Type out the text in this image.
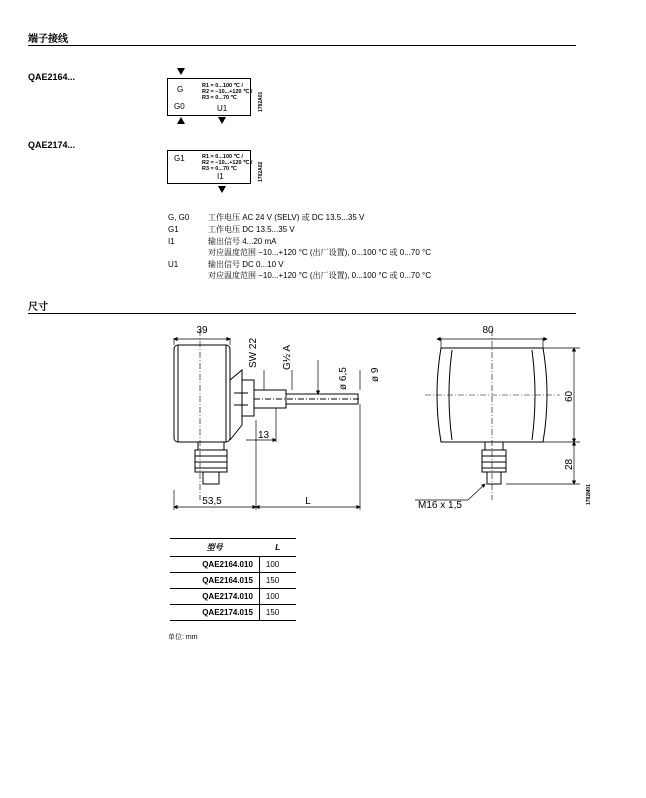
端子接线
QAE2164...
G
G0	U1
R1 = 0...100 ℃ /
R2 = −10...+120 ℃ /
R3 = 0...70 ℃	1782A01
QAE2174...
G1
I1
R1 = 0...100 ℃ /
R2 = −10...+120 ℃ /
R3 = 0...70 ℃	1782A02
G, G0 工作电压 AC 24 V (SELV) 或 DC 13.5...35 V
G1	工作电压 DC 13.5...35 V
I1	输出信号 4...20 mA
对应温度范围 −10...+120 °C (出厂设置), 0...100 °C 或 0...70 °C
U1	输出信号 DC 0...10 V
对应温度范围 −10...+120 °C (出厂设置), 0...100 °C 或 0...70 °C
尺寸
39
SW 22 G½ A
ø 6,5 ø 9
13
53,5	L
80
60
28
M16 x 1,5
1782M01
型号	L
QAE2164.010	100
QAE2164.015	150
QAE2174.010	100
QAE2174.015	150
单位: mm
